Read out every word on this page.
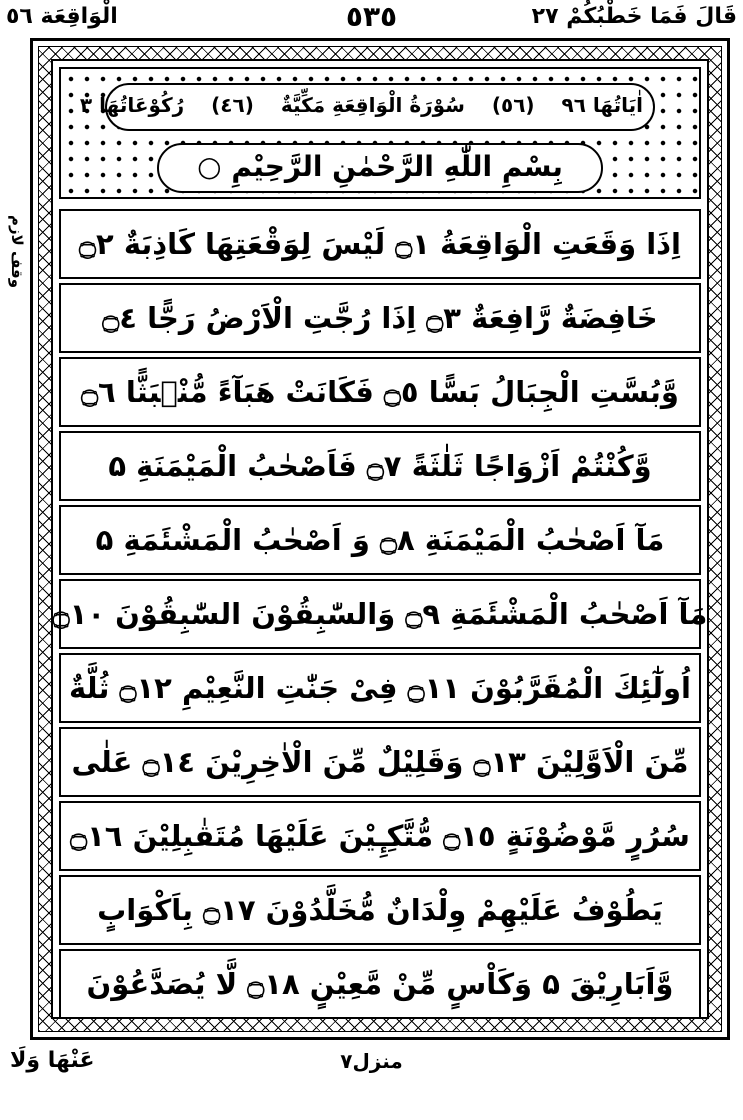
قَالَ فَمَا خَطْبُكُمْ ٢٧
٥٣٥
الْوَاقِعَة ٥٦
وقف لازم
اٰيَاتُهَا ٩٦ (٥٦) سُوْرَةُ الْوَاقِعَةِ مَكِّيَّةٌ (٤٦) رُكُوْعَاتُهَا ٣
بِسْمِ اللّٰهِ الرَّحْمٰنِ الرَّحِيْمِ ○
اِذَا وَقَعَتِ الْوَاقِعَةُ ۝١ لَيْسَ لِوَقْعَتِهَا كَاذِبَةٌ ۝٢
خَافِضَةٌ رَّافِعَةٌ ۝٣ اِذَا رُجَّتِ الْاَرْضُ رَجًّا ۝٤
وَّبُسَّتِ الْجِبَالُ بَسًّا ۝٥ فَكَانَتْ هَبَآءً مُّنْۢبَثًّا ۝٦
وَّكُنْتُمْ اَزْوَاجًا ثَلٰثَةً ۝٧ فَاَصْحٰبُ الْمَيْمَنَةِ ۵
مَآ اَصْحٰبُ الْمَيْمَنَةِ ۝٨ وَ اَصْحٰبُ الْمَشْئَمَةِ ۵
مَآ اَصْحٰبُ الْمَشْئَمَةِ ۝٩ وَالسّٰبِقُوْنَ السّٰبِقُوْنَ ۝١٠
اُولٰٓئِكَ الْمُقَرَّبُوْنَ ۝١١ فِىْ جَنّٰتِ النَّعِيْمِ ۝١٢ ثُلَّةٌ
مِّنَ الْاَوَّلِيْنَ ۝١٣ وَقَلِيْلٌ مِّنَ الْاٰخِرِيْنَ ۝١٤ عَلٰى
سُرُرٍ مَّوْضُوْنَةٍ ۝١٥ مُّتَّكِـِٕيْنَ عَلَيْهَا مُتَقٰبِلِيْنَ ۝١٦
يَطُوْفُ عَلَيْهِمْ وِلْدَانٌ مُّخَلَّدُوْنَ ۝١٧ بِاَكْوَابٍ
وَّاَبَارِيْقَ ۵ وَكَاْسٍ مِّنْ مَّعِيْنٍ ۝١٨ لَّا يُصَدَّعُوْنَ
منزل٧
عَنْهَا وَلَا
